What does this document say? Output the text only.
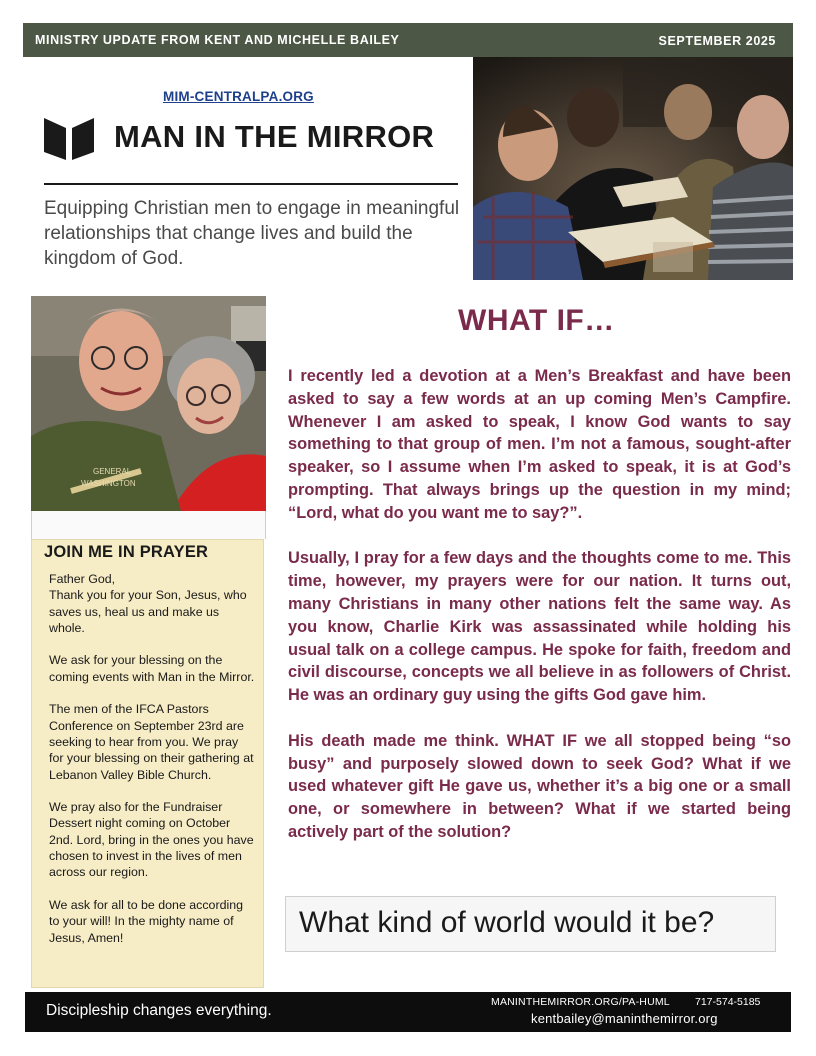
MINISTRY UPDATE FROM KENT AND MICHELLE BAILEY	SEPTEMBER 2025
MIM-CENTRALPA.ORG
MAN IN THE MIRROR
Equipping Christian men to engage in meaningful relationships that change lives and build the kingdom of God.
GENERAL
WASHINGTON
JOIN ME IN PRAYER

Father God,
Thank you for your Son, Jesus, who saves us, heal us and make us whole.

We ask for your blessing on the coming events with Man in the Mirror.

The men of the IFCA Pastors Conference on September 23rd are seeking to hear from you. We pray for your blessing on their gathering at Lebanon Valley Bible Church.

We pray also for the Fundraiser Dessert night coming on October 2nd. Lord, bring in the ones you have chosen to invest in the lives of men across our region.

We ask for all to be done according to your will! In the mighty name of Jesus, Amen!

WHAT IF…

I recently led a devotion at a Men’s Breakfast and have been asked to say a few words at an up coming Men’s Campfire. Whenever I am asked to speak, I know God wants to say something to that group of men. I’m not a famous, sought-after speaker, so I assume when I’m asked to speak, it is at God’s prompting. That always brings up the question in my mind; “Lord, what do you want me to say?”.

Usually, I pray for a few days and the thoughts come to me. This time, however, my prayers were for our nation. It turns out, many Christians in many other nations felt the same way. As you know, Charlie Kirk was assassinated while holding his usual talk on a college campus. He spoke for faith, freedom and civil discourse, concepts we all believe in as followers of Christ. He was an ordinary guy using the gifts God gave him.

His death made me think. WHAT IF we all stopped being “so busy” and purposely slowed down to seek God? What if we used whatever gift He gave us, whether it’s a big one or a small one, or somewhere in between? What if we started being actively part of the solution?

What kind of world would it be?
Discipleship changes everything.	MANINTHEMIRROR.ORG/PA-HUML 717-574-5185
kentbailey@maninthemirror.org
